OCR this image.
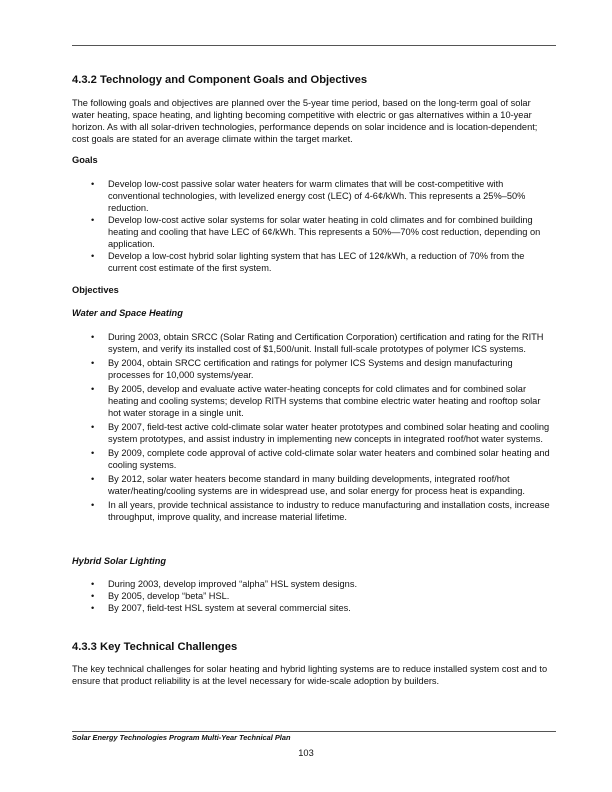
4.3.2 Technology and Component Goals and Objectives
The following goals and objectives are planned over the 5-year time period, based on the long-term goal of solar water heating, space heating, and lighting becoming competitive with electric or gas alternatives within a 10-year horizon. As with all solar-driven technologies, performance depends on solar incidence and is location-dependent; cost goals are stated for an average climate within the target market.
Goals
• Develop low-cost passive solar water heaters for warm climates that will be cost-competitive with conventional technologies, with levelized energy cost (LEC) of 4-6¢/kWh. This represents a 25%–50% reduction.
• Develop low-cost active solar systems for solar water heating in cold climates and for combined building heating and cooling that have LEC of 6¢/kWh. This represents a 50%—70% cost reduction, depending on application.
• Develop a low-cost hybrid solar lighting system that has LEC of 12¢/kWh, a reduction of 70% from the current cost estimate of the first system.
Objectives
Water and Space Heating
• During 2003, obtain SRCC (Solar Rating and Certification Corporation) certification and rating for the RITH system, and verify its installed cost of $1,500/unit. Install full-scale prototypes of polymer ICS systems.
• By 2004, obtain SRCC certification and ratings for polymer ICS Systems and design manufacturing processes for 10,000 systems/year.
• By 2005, develop and evaluate active water-heating concepts for cold climates and for combined solar heating and cooling systems; develop RITH systems that combine electric water heating and rooftop solar hot water storage in a single unit.
• By 2007, field-test active cold-climate solar water heater prototypes and combined solar heating and cooling system prototypes, and assist industry in implementing new concepts in integrated roof/hot water systems.
• By 2009, complete code approval of active cold-climate solar water heaters and combined solar heating and cooling systems.
• By 2012, solar water heaters become standard in many building developments, integrated roof/hot water/heating/cooling systems are in widespread use, and solar energy for process heat is expanding.
• In all years, provide technical assistance to industry to reduce manufacturing and installation costs, increase throughput, improve quality, and increase material lifetime.
Hybrid Solar Lighting
• During 2003, develop improved “alpha” HSL system designs.
• By 2005, develop “beta” HSL.
• By 2007, field-test HSL system at several commercial sites.
4.3.3 Key Technical Challenges
The key technical challenges for solar heating and hybrid lighting systems are to reduce installed system cost and to ensure that product reliability is at the level necessary for wide-scale adoption by builders.
Solar Energy Technologies Program Multi-Year Technical Plan
103
